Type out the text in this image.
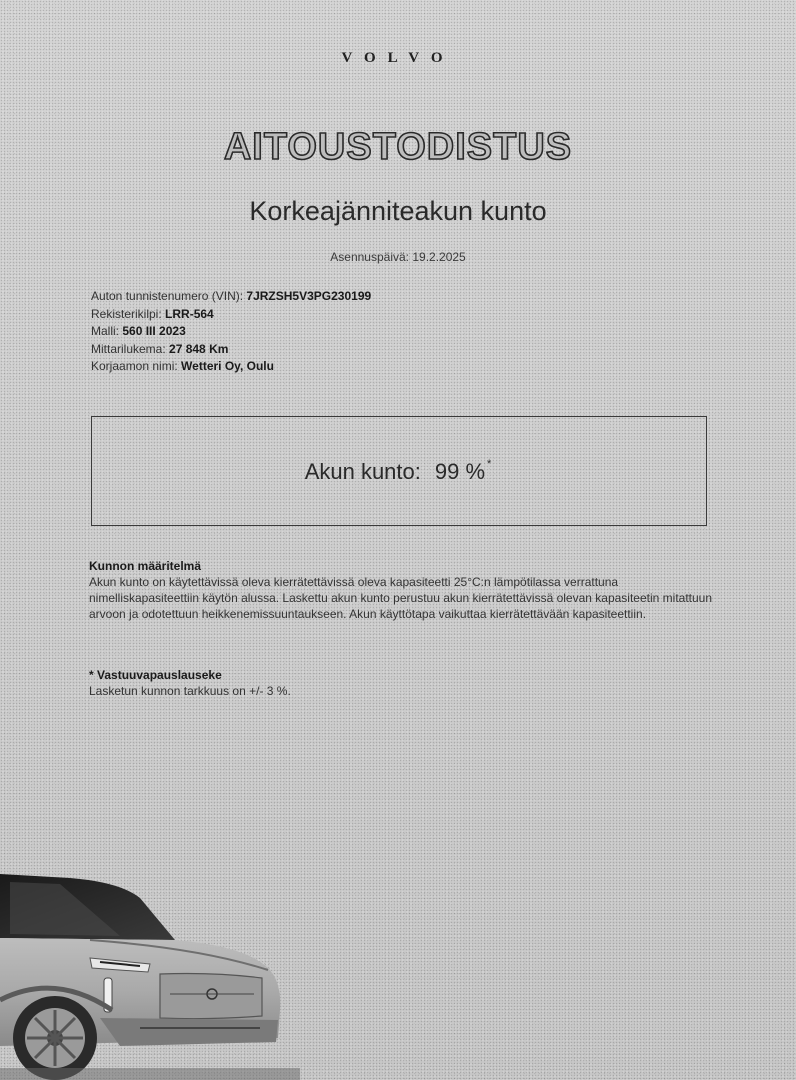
VOLVO
AITOUSTODISTUS
Korkeajänniteakun kunto
Asennuspäivä: 19.2.2025
Auton tunnistenumero (VIN): 7JRZSH5V3PG230199
Rekisterikilpi: LRR-564
Malli: 560 III 2023
Mittarilukema: 27 848 Km
Korjaamon nimi: Wetteri Oy, Oulu
Akun kunto: 99 % *
Kunnon määritelmä

Akun kunto on käytettävissä oleva kierrätettävissä oleva kapasiteetti 25°C:n lämpötilassa verrattuna nimelliskapasiteettiin käytön alussa. Laskettu akun kunto perustuu akun kierrätettävissä olevan kapasiteetin mitattuun arvoon ja odotettuun heikkenemissuuntaukseen. Akun käyttötapa vaikuttaa kierrätettävään kapasiteettiin.

* Vastuuvapauslauseke

Lasketun kunnon tarkkuus on +/- 3 %.
